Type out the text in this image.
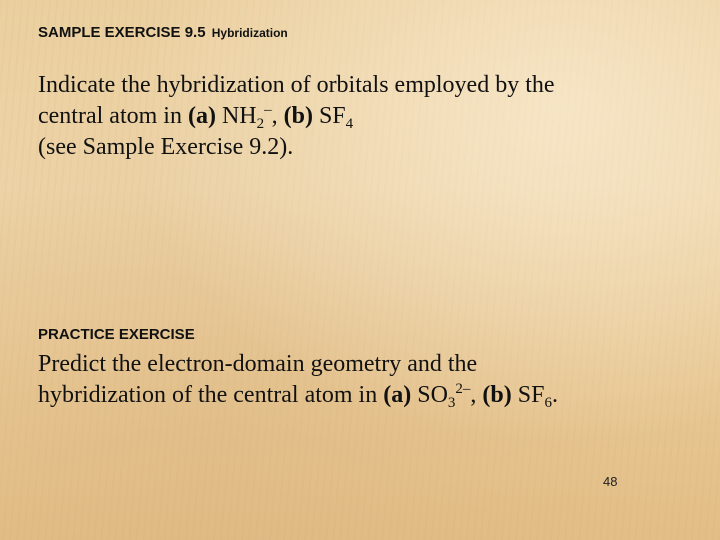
SAMPLE EXERCISE 9.5 Hybridization
Indicate the hybridization of orbitals employed by the
central atom in (a) $NH_2^-$, (b) $SF_4$
(see Sample Exercise 9.2).
PRACTICE EXERCISE
Predict the electron-domain geometry and the
hybridization of the central atom in (a) $SO_3^{2-}$, (b) $SF_6$.
48
